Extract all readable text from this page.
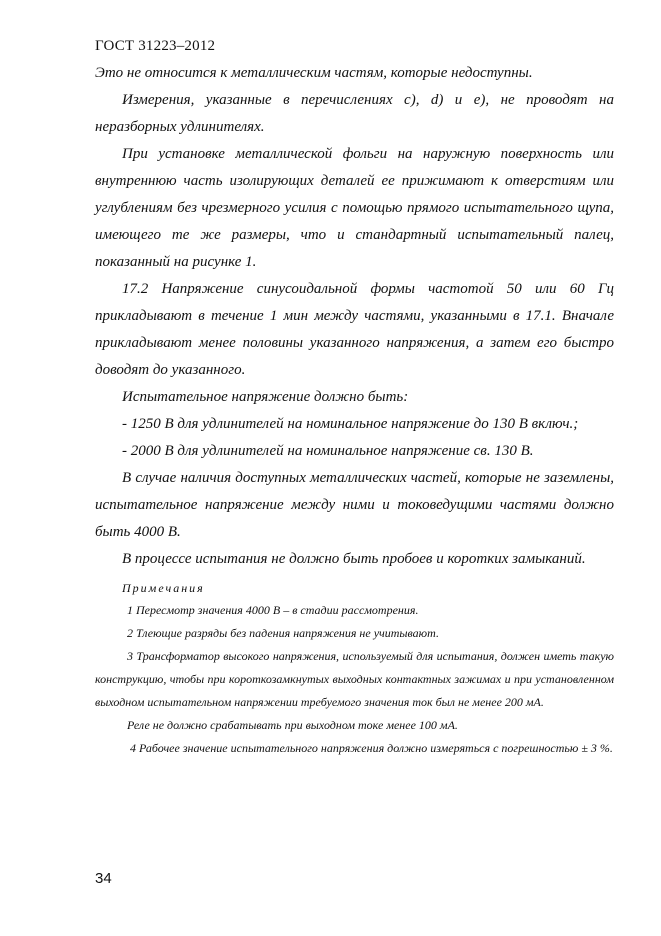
ГОСТ 31223–2012

Это не относится к металлическим частям, которые недоступны.

Измерения, указанные в перечислениях c), d) и e), не проводят на неразборных удлинителях.

При установке металлической фольги на наружную поверхность или внутреннюю часть изолирующих деталей ее прижимают к отверстиям или углублениям без чрезмерного усилия с помощью прямого испытательного щупа, имеющего те же размеры, что и стандартный испытательный палец, показанный на рисунке 1.

17.2 Напряжение синусоидальной формы частотой 50 или 60 Гц прикладывают в течение 1 мин между частями, указанными в 17.1. Вначале прикладывают менее половины указанного напряжения, а затем его быстро доводят до указанного.

Испытательное напряжение должно быть:

- 1250 В для удлинителей на номинальное напряжение до 130 В включ.;

- 2000 В для удлинителей на номинальное напряжение св. 130 В.

В случае наличия доступных металлических частей, которые не заземлены, испытательное напряжение между ними и токоведущими частями должно быть 4000 В.

В процессе испытания не должно быть пробоев и коротких замыканий.

Примечания

1 Пересмотр значения 4000 В – в стадии рассмотрения.

2 Тлеющие разряды без падения напряжения не учитывают.

3 Трансформатор высокого напряжения, используемый для испытания, должен иметь такую конструкцию, чтобы при короткозамкнутых выходных контактных зажимах и при установленном выходном испытательном напряжении требуемого значения ток был не менее 200 мА.

Реле не должно срабатывать при выходном токе менее 100 мА.

4 Рабочее значение испытательного напряжения должно измеряться с погрешностью ± 3 %.

34
